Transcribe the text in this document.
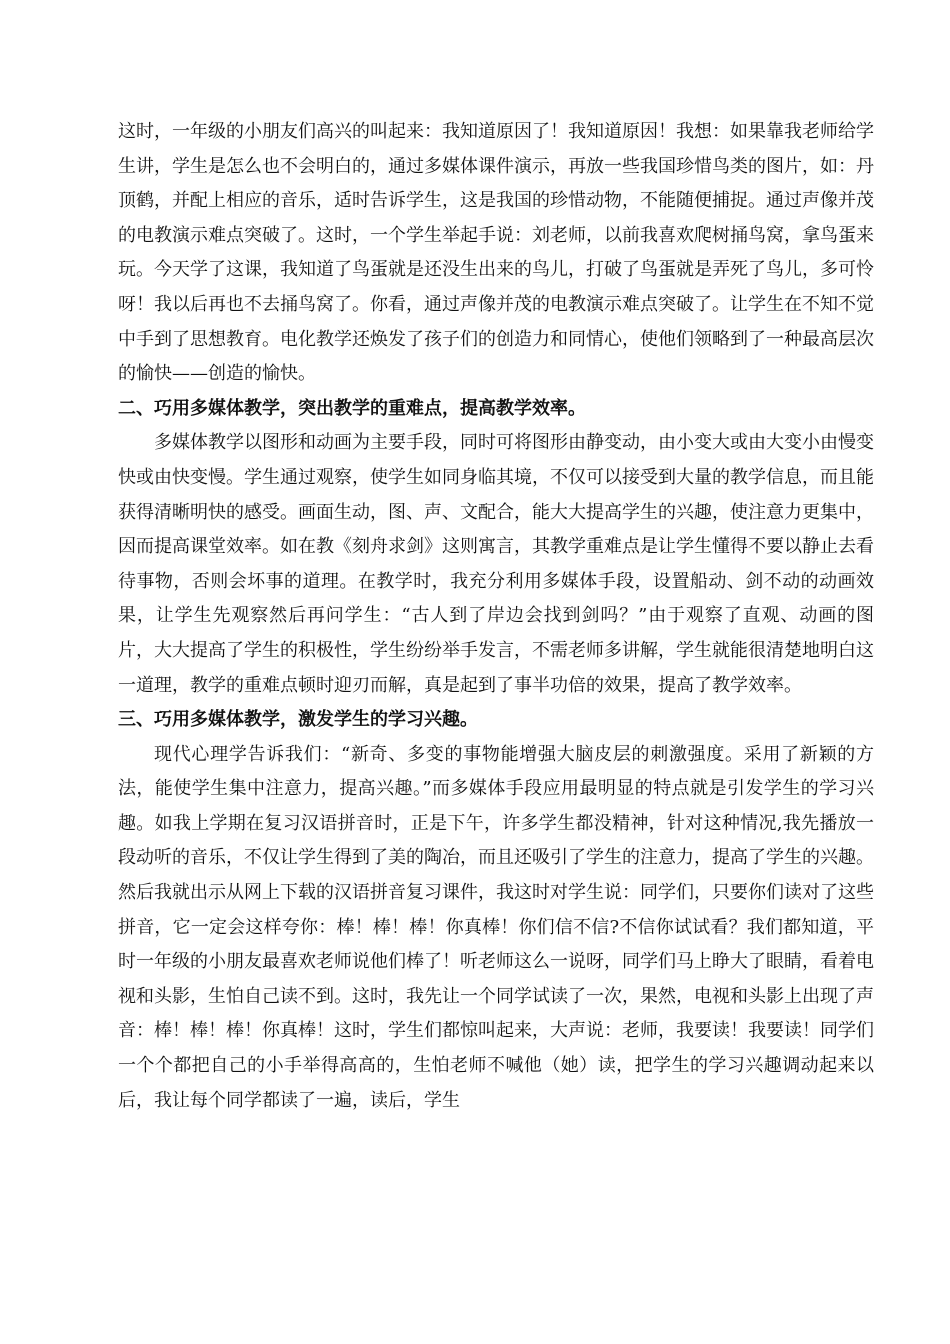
这时，一年级的小朋友们高兴的叫起来：我知道原因了！我知道原因！我想：如果靠我老师给学生讲，学生是怎么也不会明白的，通过多媒体课件演示，再放一些我国珍惜鸟类的图片，如：丹顶鹤，并配上相应的音乐，适时告诉学生，这是我国的珍惜动物，不能随便捕捉。通过声像并茂的电教演示难点突破了。这时，一个学生举起手说：刘老师，以前我喜欢爬树捅鸟窝，拿鸟蛋来玩。今天学了这课，我知道了鸟蛋就是还没生出来的鸟儿，打破了鸟蛋就是弄死了鸟儿，多可怜呀！我以后再也不去捅鸟窝了。你看，通过声像并茂的电教演示难点突破了。让学生在不知不觉中手到了思想教育。电化教学还焕发了孩子们的创造力和同情心，使他们领略到了一种最高层次的愉快——创造的愉快。

二、巧用多媒体教学，突出教学的重难点，提高教学效率。

多媒体教学以图形和动画为主要手段，同时可将图形由静变动，由小变大或由大变小由慢变快或由快变慢。学生通过观察，使学生如同身临其境，不仅可以接受到大量的教学信息，而且能获得清晰明快的感受。画面生动，图、声、文配合，能大大提高学生的兴趣，使注意力更集中，因而提高课堂效率。如在教《刻舟求剑》这则寓言，其教学重难点是让学生懂得不要以静止去看待事物，否则会坏事的道理。在教学时，我充分利用多媒体手段，设置船动、剑不动的动画效果，让学生先观察然后再问学生：“古人到了岸边会找到剑吗？”由于观察了直观、动画的图片，大大提高了学生的积极性，学生纷纷举手发言，不需老师多讲解，学生就能很清楚地明白这一道理，教学的重难点顿时迎刃而解，真是起到了事半功倍的效果，提高了教学效率。

三、巧用多媒体教学，激发学生的学习兴趣。

现代心理学告诉我们：“新奇、多变的事物能增强大脑皮层的刺激强度。采用了新颖的方法，能使学生集中注意力，提高兴趣。”而多媒体手段应用最明显的特点就是引发学生的学习兴趣。如我上学期在复习汉语拼音时，正是下午，许多学生都没精神，针对这种情况,我先播放一段动听的音乐，不仅让学生得到了美的陶冶，而且还吸引了学生的注意力，提高了学生的兴趣。然后我就出示从网上下载的汉语拼音复习课件，我这时对学生说：同学们，只要你们读对了这些拼音，它一定会这样夸你：棒！棒！棒！你真棒！你们信不信?不信你试试看？我们都知道，平时一年级的小朋友最喜欢老师说他们棒了！听老师这么一说呀，同学们马上睁大了眼睛，看着电视和头影，生怕自己读不到。这时，我先让一个同学试读了一次，果然，电视和头影上出现了声音：棒！棒！棒！你真棒！这时，学生们都惊叫起来，大声说：老师，我要读！我要读！同学们一个个都把自己的小手举得高高的，生怕老师不喊他（她）读，把学生的学习兴趣调动起来以后，我让每个同学都读了一遍，读后，学生
